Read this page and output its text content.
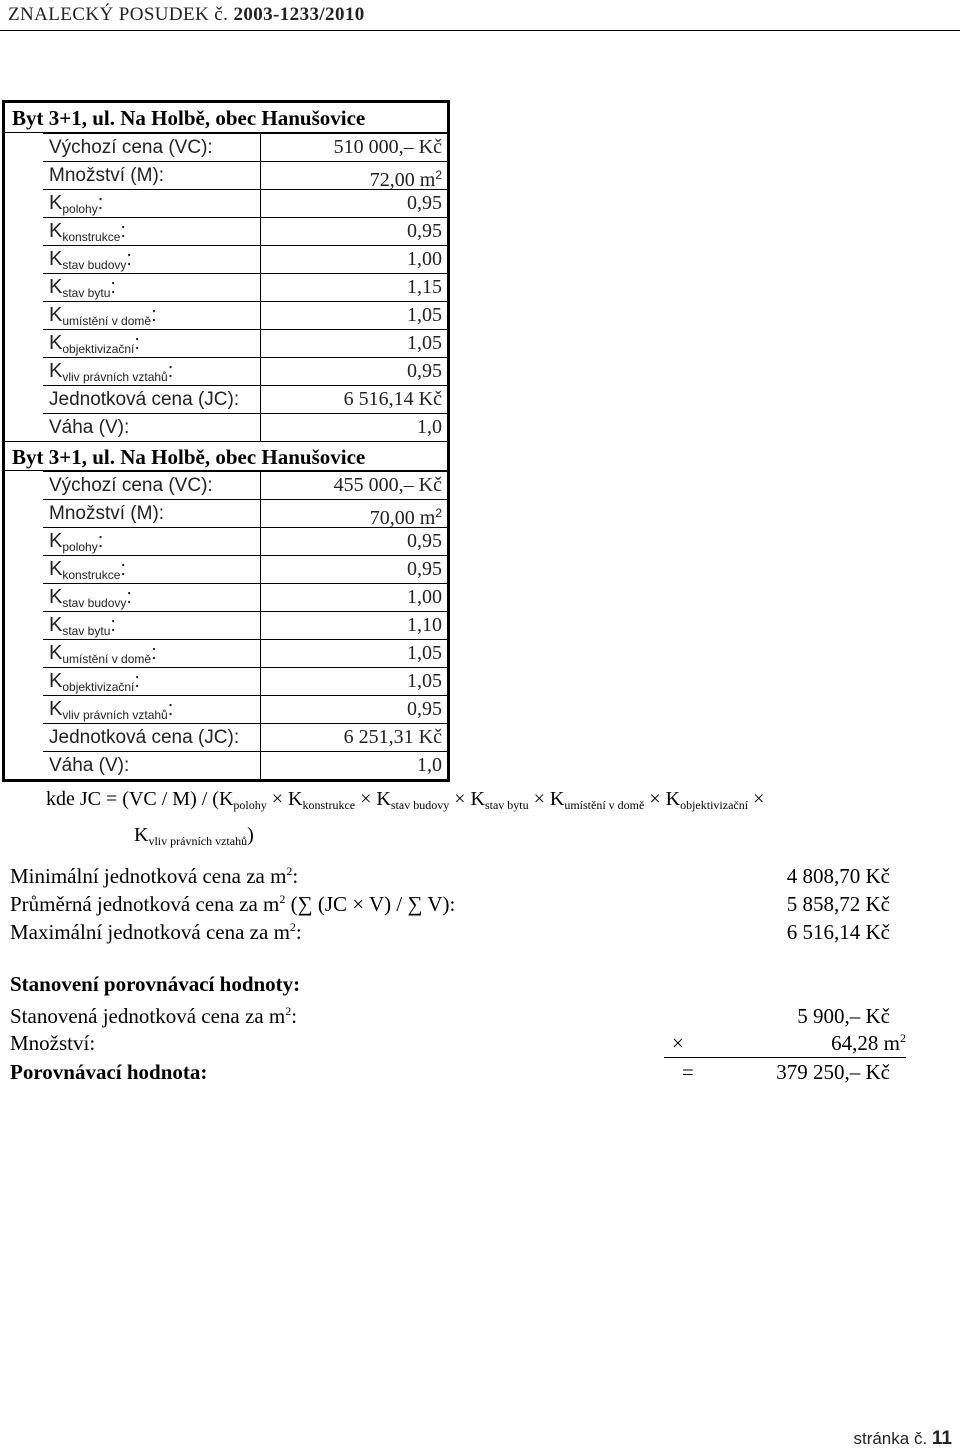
ZNALECKÝ POSUDEK č. 2003-1233/2010
Byt 3+1, ul. Na Holbě, obec Hanušovice
Výchozí cena (VC):	510 000,– Kč
Množství (M):	72,00 $m^2$
$K_{polohy}$:	0,95
$K_{konstrukce}$:	0,95
$K_{stav budovy}$:	1,00
$K_{stav bytu}$:	1,15
$K_{umístění v domě}$:	1,05
$K_{objektivizační}$:	1,05
$K_{vliv právních vztahů}$:	0,95
Jednotková cena (JC):	6 516,14 Kč
Váha (V):	1,0
Byt 3+1, ul. Na Holbě, obec Hanušovice
Výchozí cena (VC):	455 000,– Kč
Množství (M):	70,00 $m^2$
$K_{polohy}$:	0,95
$K_{konstrukce}$:	0,95
$K_{stav budovy}$:	1,00
$K_{stav bytu}$:	1,10
$K_{umístění v domě}$:	1,05
$K_{objektivizační}$:	1,05
$K_{vliv právních vztahů}$:	0,95
Jednotková cena (JC):	6 251,31 Kč
Váha (V):	1,0
kde JC = $(VC / M) / (K_{polohy} \times K_{konstrukce} \times K_{stav budovy} \times K_{stav bytu} \times K_{umístění v domě} \times K_{objektivizační}$ ×
$K_{vliv právních vztahů}$)
Minimální jednotková cena za $m^2$:	4 808,70 Kč
Průměrná jednotková cena za $m^2$ (∑ (JC × V) / ∑ V):	5 858,72 Kč
Maximální jednotková cena za $m^2$:	6 516,14 Kč
Stanovení porovnávací hodnoty:
Stanovená jednotková cena za $m^2$:	5 900,– Kč
Množství:	×	64,28 $m^2$
Porovnávací hodnota:	=	379 250,– Kč
stránka č. 11
